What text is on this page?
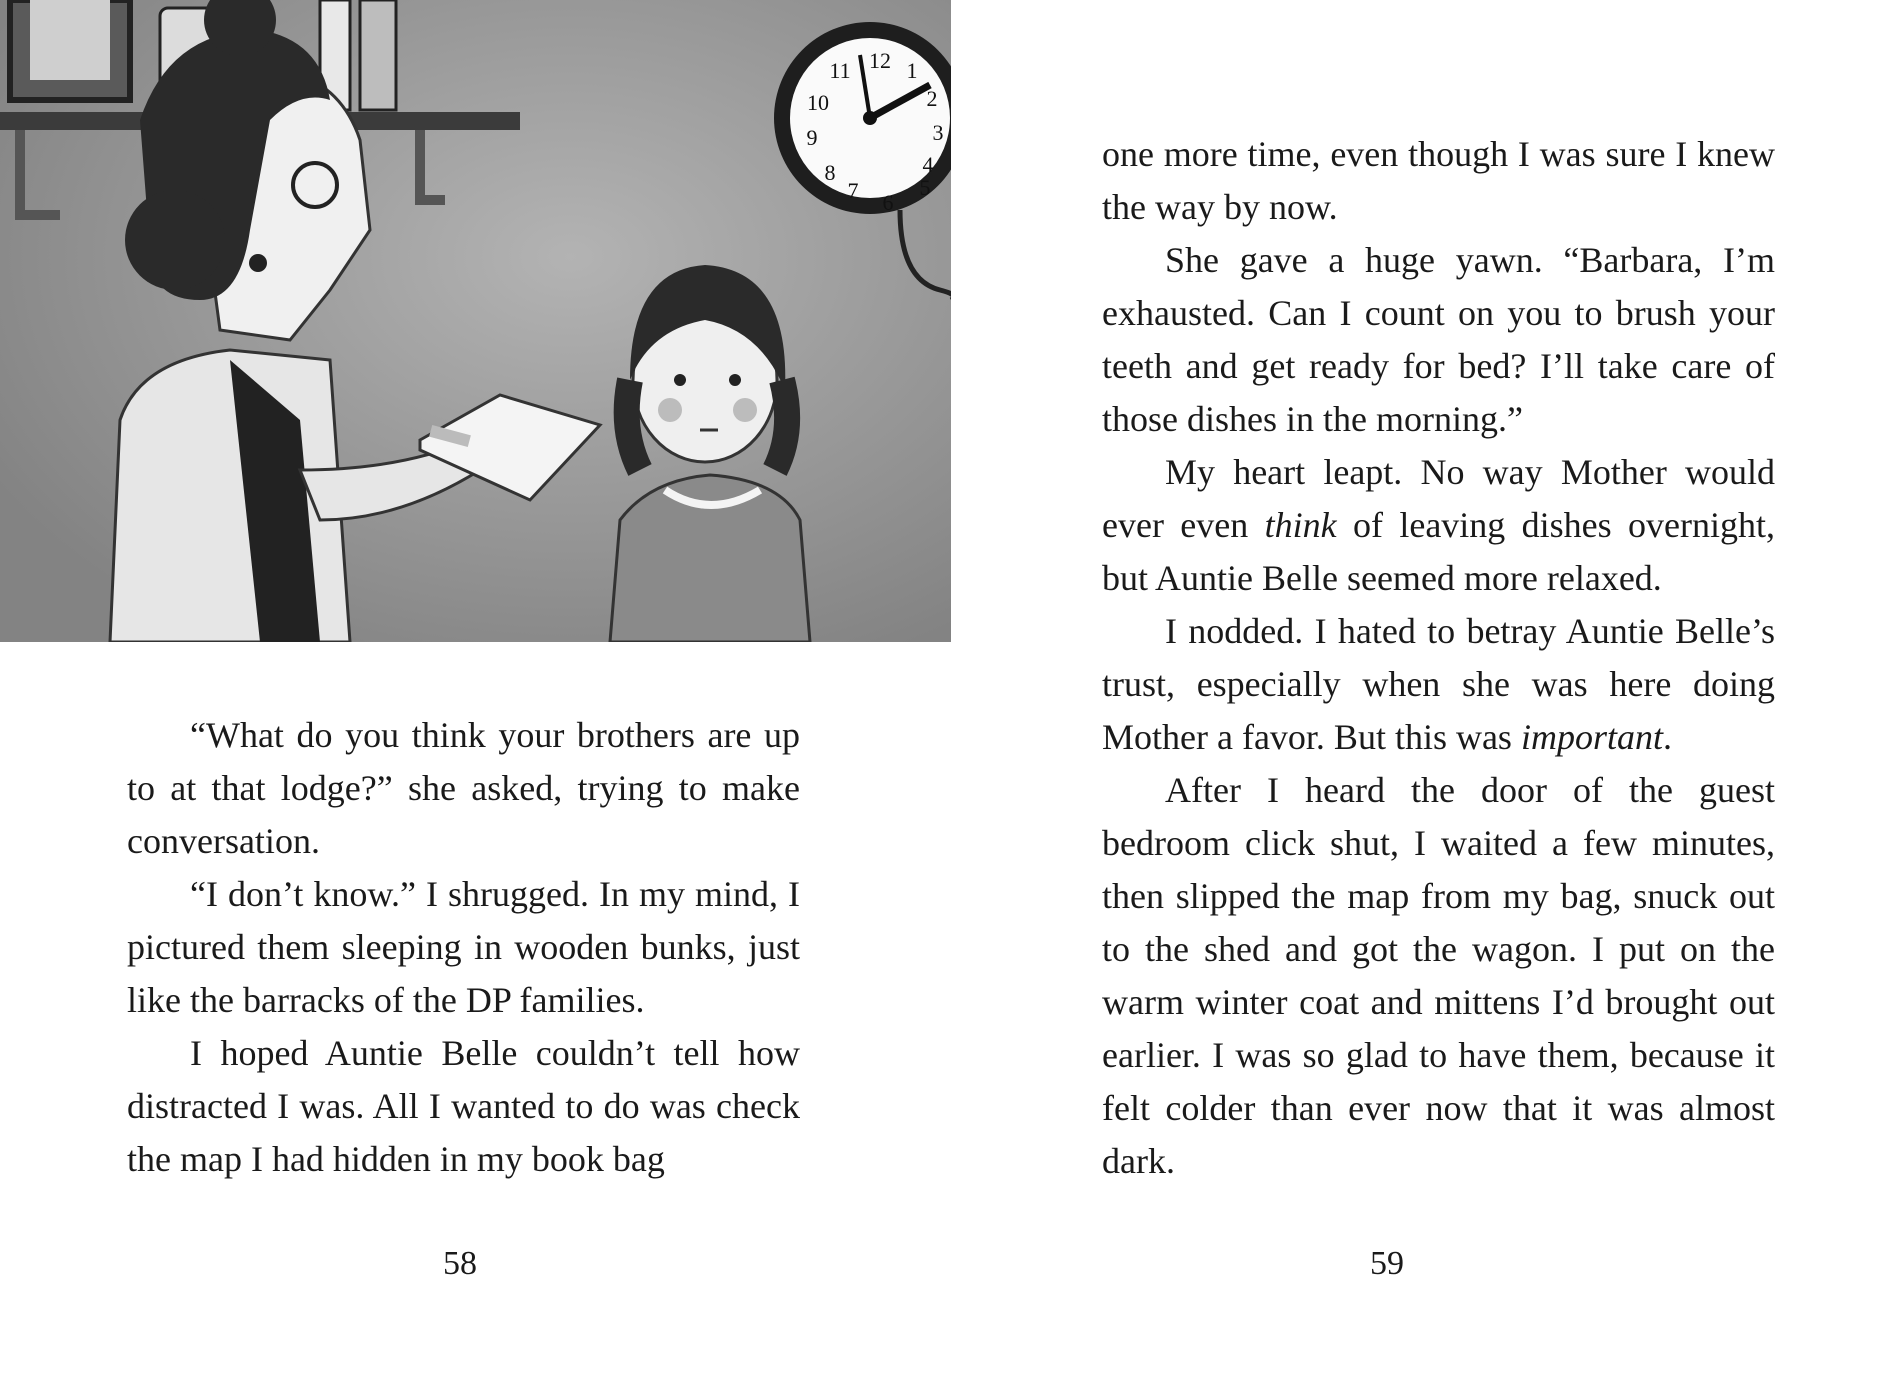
12 1
2
3
4
5
6
7
8
9
10
11

“What do you think your brothers are up to at that lodge?” she asked, trying to make conversation.

“I don’t know.” I shrugged. In my mind, I pictured them sleeping in wooden bunks, just like the barracks of the DP families.

I hoped Auntie Belle couldn’t tell how distracted I was. All I wanted to do was check the map I had hidden in my book bag

58

one more time, even though I was sure I knew the way by now.

She gave a huge yawn. “Barbara, I’m exhausted. Can I count on you to brush your teeth and get ready for bed? I’ll take care of those dishes in the morning.”

My heart leapt. No way Mother would ever even think of leaving dishes overnight, but Auntie Belle seemed more relaxed.

I nodded. I hated to betray Auntie Belle’s trust, especially when she was here doing Mother a favor. But this was important.

After I heard the door of the guest bedroom click shut, I waited a few minutes, then slipped the map from my bag, snuck out to the shed and got the wagon. I put on the warm winter coat and mittens I’d brought out earlier. I was so glad to have them, because it felt colder than ever now that it was almost dark.

59
